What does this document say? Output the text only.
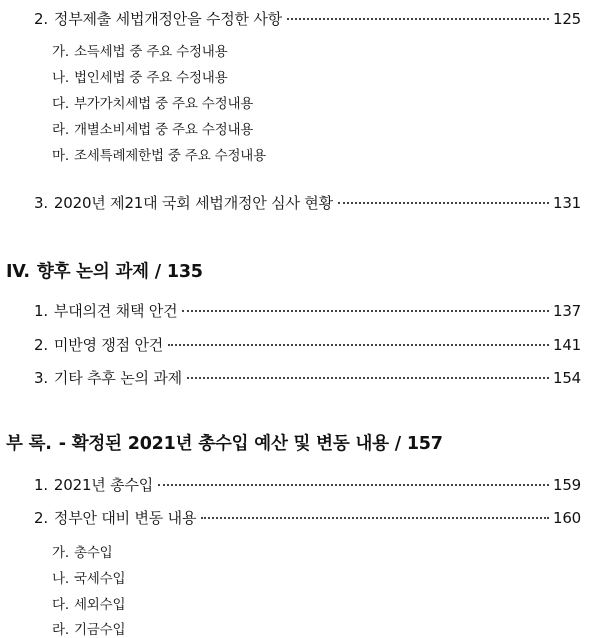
2. 정부제출 세법개정안을 수정한 사항	125
가. 소득세법 중 주요 수정내용
나. 법인세법 중 주요 수정내용
다. 부가가치세법 중 주요 수정내용
라. 개별소비세법 중 주요 수정내용
마. 조세특례제한법 중 주요 수정내용
3. 2020년 제21대 국회 세법개정안 심사 현황	131
IV. 향후 논의 과제 / 135
1. 부대의견 채택 안건	137
2. 미반영 쟁점 안건	141
3. 기타 추후 논의 과제	154
부 록. - 확정된 2021년 총수입 예산 및 변동 내용 / 157
1. 2021년 총수입	159
2. 정부안 대비 변동 내용	160
가. 총수입
나. 국세수입
다. 세외수입
라. 기금수입
